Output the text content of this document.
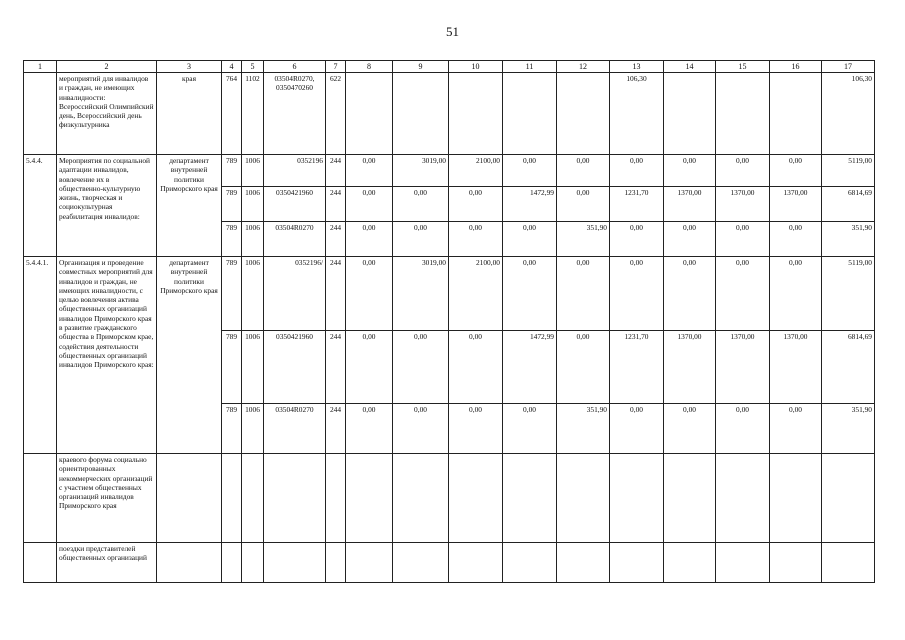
51
1	2	3	4	5	6	7	8	9	10	11	12	13	14	15	16	17
	мероприятий для инвалидов и граждан, не имеющих инвалидности: Всероссийский Олимпийский день, Всероссийский день физкультурника	края	764	1102	03504R0270, 0350470260	622						106,30				106,30
5.4.4.	Мероприятия по социальной адаптации инвалидов, вовлечение их в общественно-культурную жизнь, творческая и социокультурная реабилитация инвалидов:	департамент внутренней политики Приморского края	789	1006	0352196	244	0,00	3019,00	2100,00	0,00	0,00	0,00	0,00	0,00	0,00	5119,00
			789	1006	0350421960	244	0,00	0,00	0,00	1472,99	0,00	1231,70	1370,00	1370,00	1370,00	6814,69
			789	1006	03504R0270	244	0,00	0,00	0,00	0,00	351,90	0,00	0,00	0,00	0,00	351,90
5.4.4.1.	Организация и проведение совместных мероприятий для инвалидов и граждан, не имеющих инвалидности, с целью вовлечения актива общественных организаций инвалидов Приморского края в развитие гражданского общества в Приморском крае, содействия деятельности общественных организаций инвалидов Приморского края:	департамент внутренней политики Приморского края	789	1006	0352196/	244	0,00	3019,00	2100,00	0,00	0,00	0,00	0,00	0,00	0,00	5119,00
			789	1006	0350421960	244	0,00	0,00	0,00	1472,99	0,00	1231,70	1370,00	1370,00	1370,00	6814,69
			789	1006	03504R0270	244	0,00	0,00	0,00	0,00	351,90	0,00	0,00	0,00	0,00	351,90
	краевого форума социально ориентированных некоммерческих организаций с участием общественных организаций инвалидов Приморского края															
	поездки представителей общественных организаций															
